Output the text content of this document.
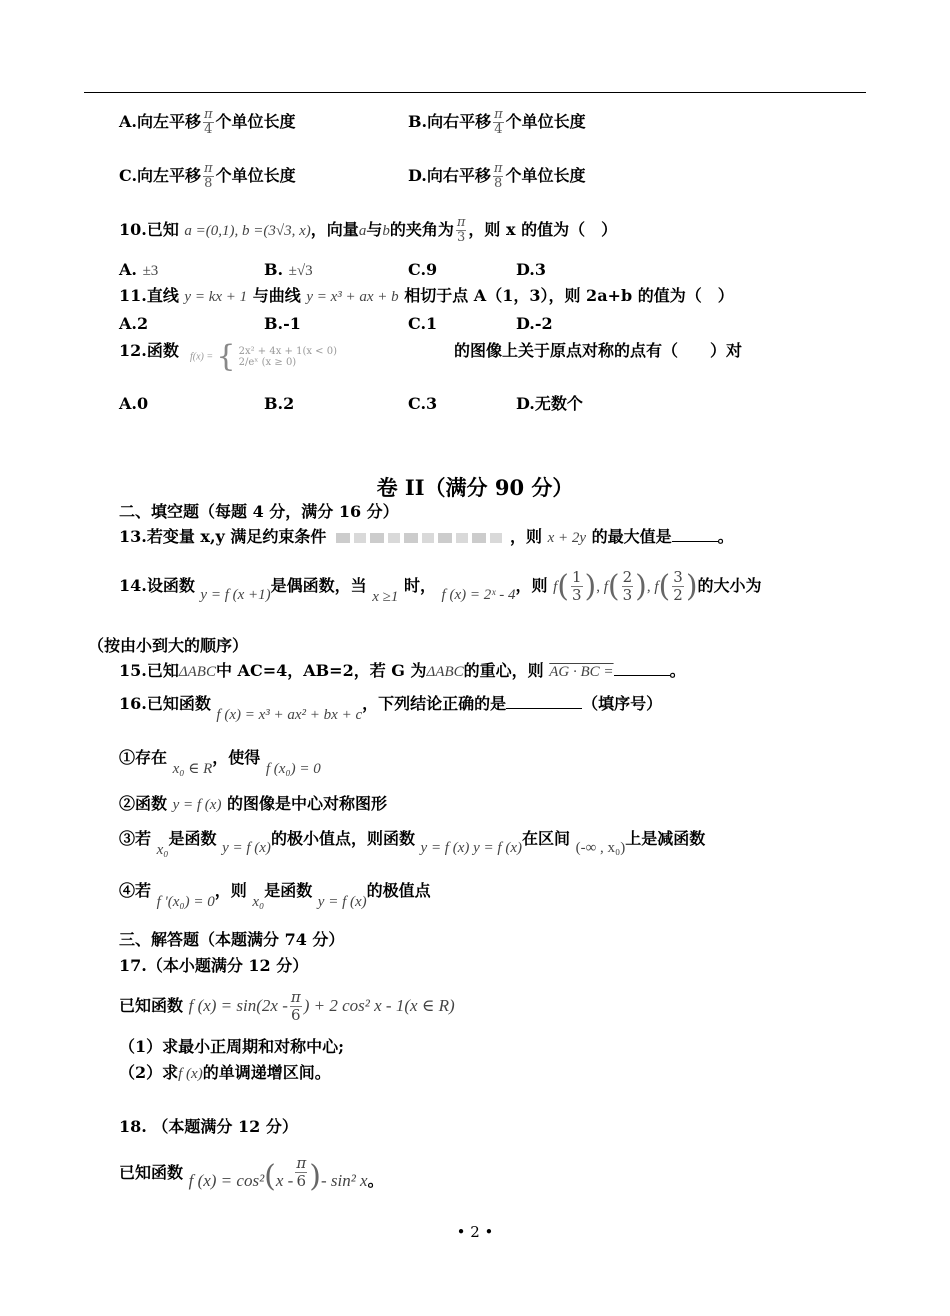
A.向左平移 $\frac{\pi}{4}$ 个单位长度	B.向右平移 $\frac{\pi}{4}$ 个单位长度
C.向左平移 $\frac{\pi}{8}$ 个单位长度	D.向右平移 $\frac{\pi}{8}$ 个单位长度
10.已知 a =(0,1), b =(3√3, x)，向量a与b的夹角为 $\frac{\pi}{3}$ ，则 x 的值为（　）
A. ±3	B. ±√3	C.9	D.3
11.直线 y = kx + 1 与曲线 y = x³ + ax + b 相切于点 A（1，3），则 2a+b 的值为（　）
A.2	B.-1	C.1	D.-2
12.函数	f(x) = { 2x² + 4x + 1(x < 0)
2/eˣ (x ≥ 0)
的图像上关于原点对称的点有（　　）对
A.0	B.2	C.3	D.无数个
卷 II（满分 90 分）
二、填空题（每题 4 分，满分 16 分）
13.若变量 x,y 满足约束条件	，则 x + 2y 的最大值是	。
14.设函数 y = f (x +1)是偶函数，当 x ≥1 时， f (x) = 2ˣ - 4，则 $f( \frac{1}{3}$ ), $f( \frac{2}{3}$ ), $f( \frac{3}{2}$ )的大小为
（按由小到大的顺序）
15.已知ΔABC中 AC=4，AB=2，若 G 为ΔABC的重心，则 AG · BC =	。
16.已知函数 f (x) = x³ + ax² + bx + c，下列结论正确的是	（填序号）
①存在 x₀ ∈ R，使得 f (x₀) = 0
②函数 y = f (x) 的图像是中心对称图形
③若 x₀是函数 y = f (x)的极小值点，则函数 y = f (x) y = f (x)在区间 (-∞ , x₀)上是减函数
④若 f '(x₀) = 0，则 x₀是函数 y = f (x)的极值点
三、解答题（本题满分 74 分）
17.（本小题满分 12 分）
已知函数 f $(x) = \sin(2x - \frac{\pi}{6}$ ) + 2 cos² x - 1(x ∈ R)
（1）求最小正周期和对称中心;
（2）求f (x)的单调递增区间。
18. （本题满分 12 分）
已知函数 f $(x) = \cos^2(x - \frac{\pi}{6}$ )- sin² x。
• 2 •
